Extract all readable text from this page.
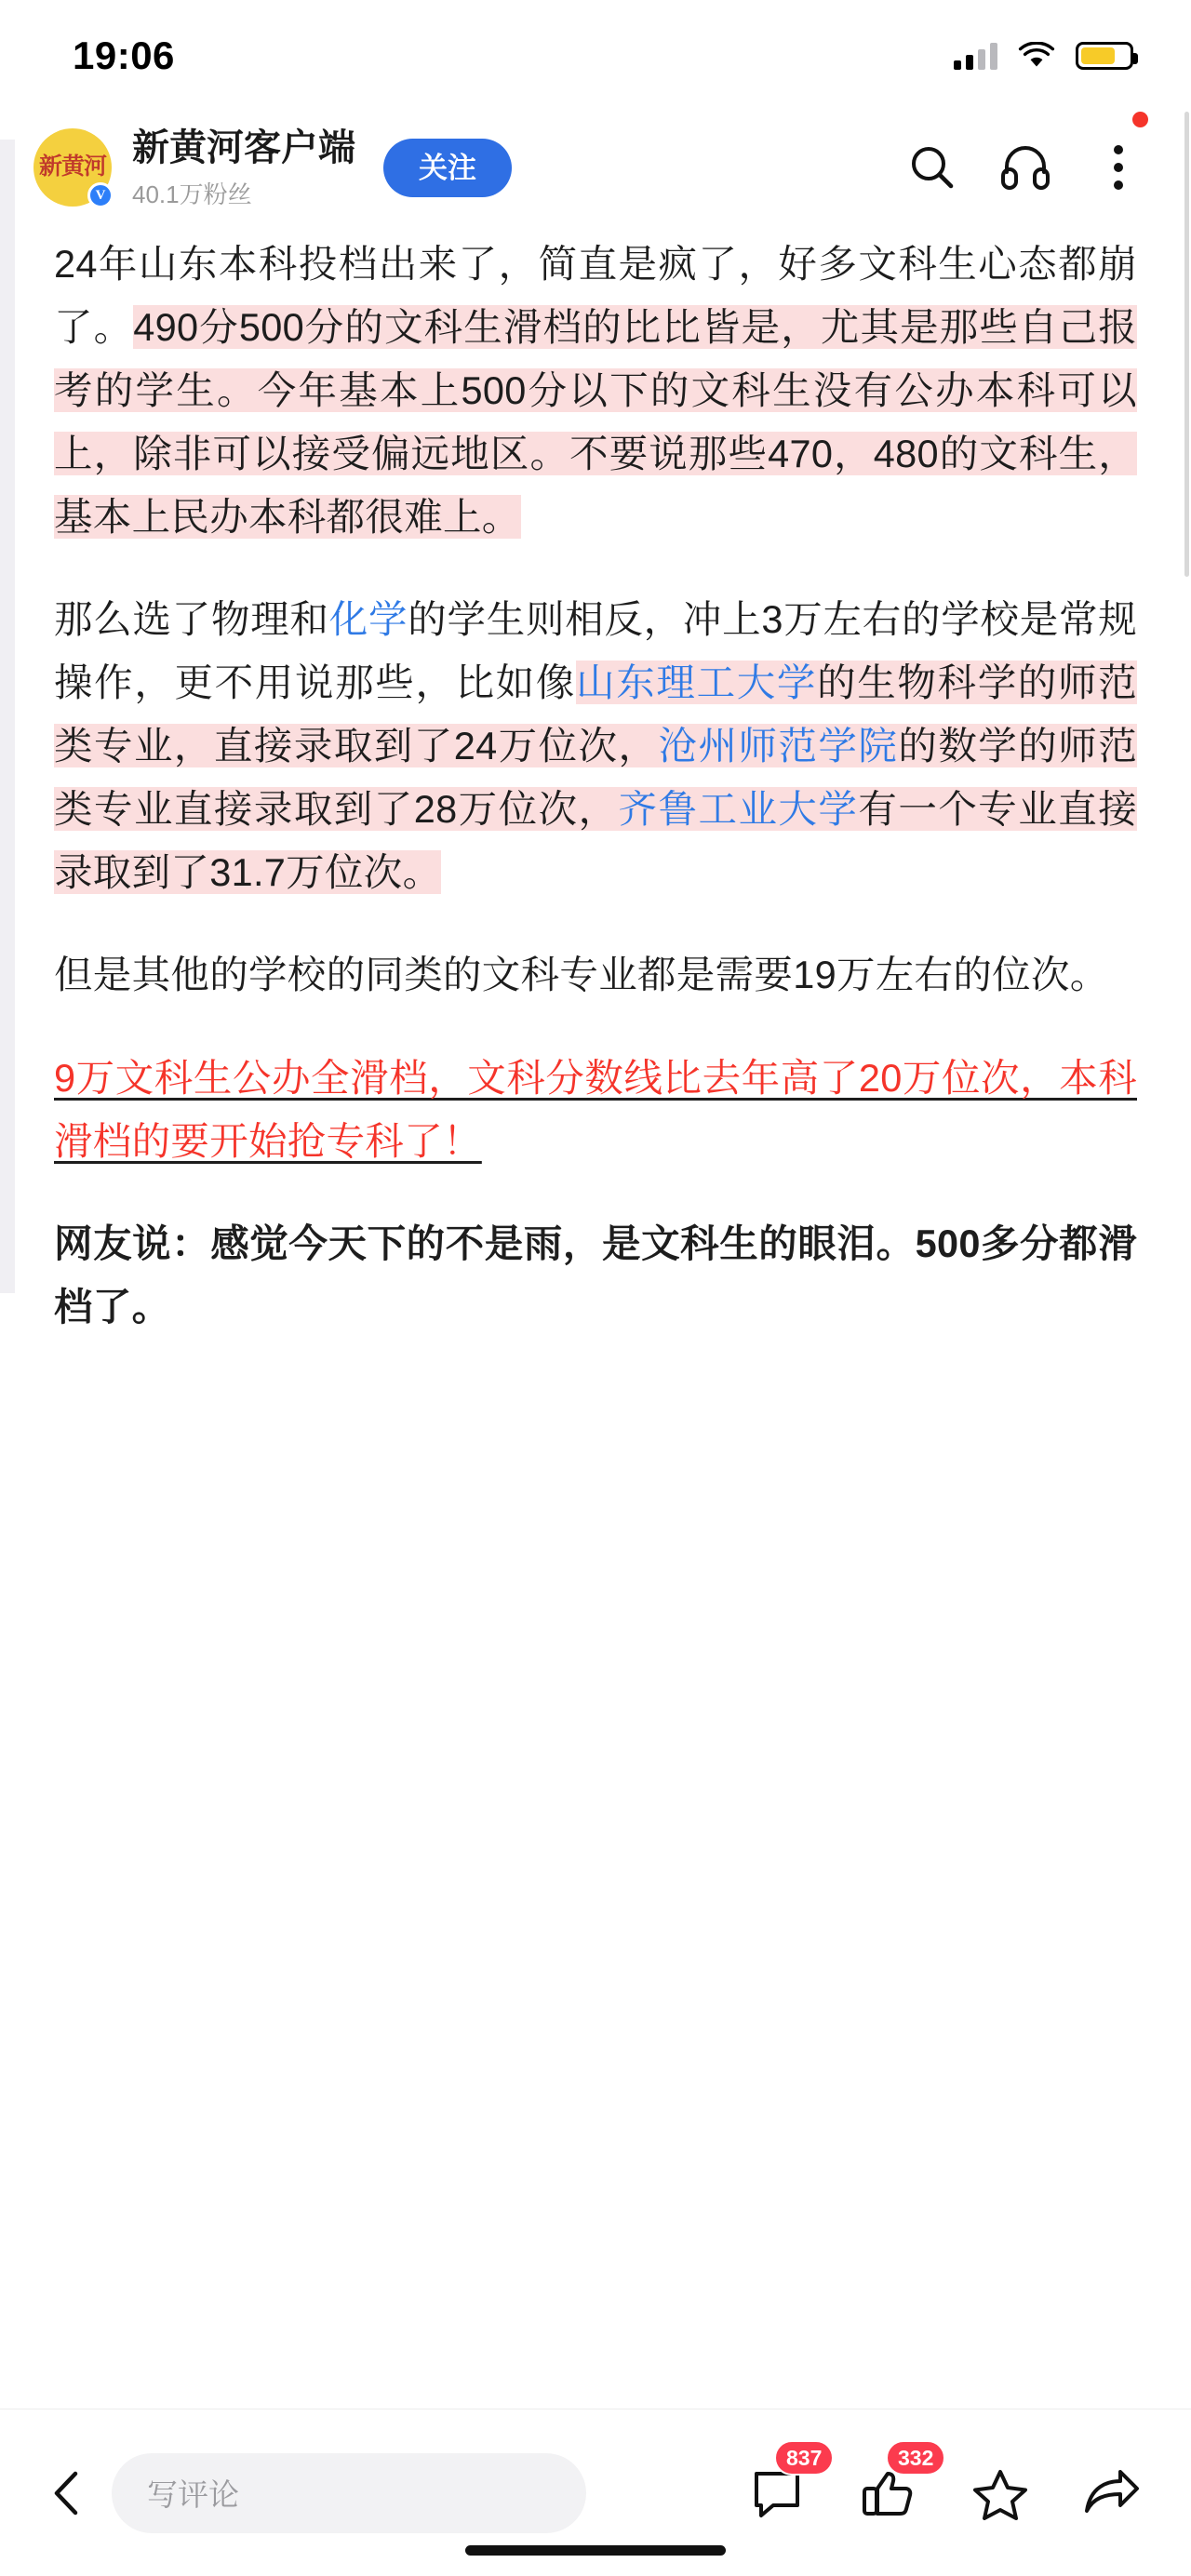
19:06
新黄河
V
新黄河客户端
40.1万粉丝
关注

24年山东本科投档出来了，简直是疯了，好多文科生心态都崩了。490分500分的文科生滑档的比比皆是，尤其是那些自己报考的学生。今年基本上500分以下的文科生没有公办本科可以上，除非可以接受偏远地区。不要说那些470，480的文科生，基本上民办本科都很难上。

那么选了物理和化学的学生则相反，冲上3万左右的学校是常规操作，更不用说那些，比如像山东理工大学的生物科学的师范类专业，直接录取到了24万位次，沧州师范学院的数学的师范类专业直接录取到了28万位次，齐鲁工业大学有一个专业直接录取到了31.7万位次。

但是其他的学校的同类的文科专业都是需要19万左右的位次。

9万文科生公办全滑档，文科分数线比去年高了20万位次，本科滑档的要开始抢专科了！

网友说：感觉今天下的不是雨，是文科生的眼泪。500多分都滑档了。

写评论
837	332
